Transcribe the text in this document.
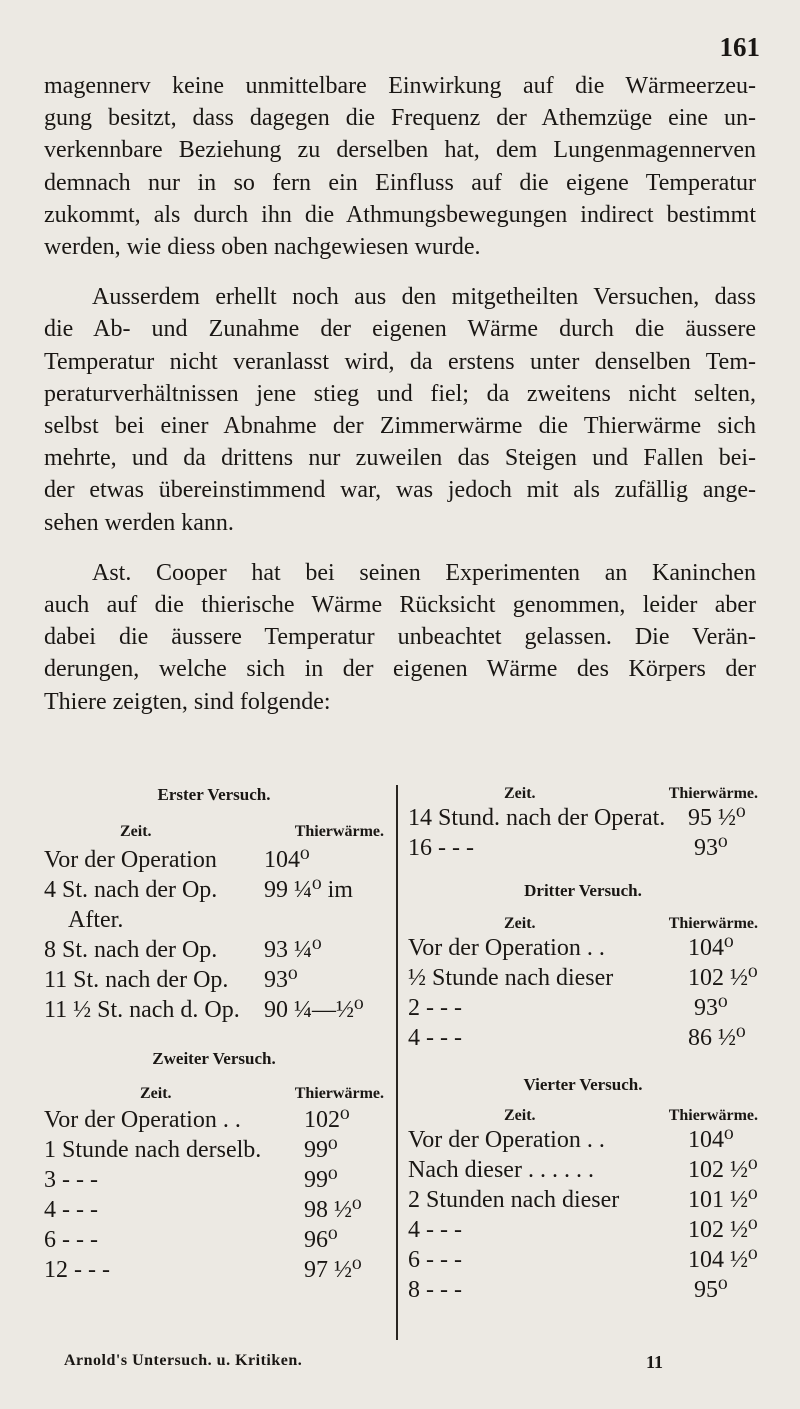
161

magennerv keine unmittelbare Einwirkung auf die Wärmeerzeu-
gung besitzt, dass dagegen die Frequenz der Athemzüge eine un-
verkennbare Beziehung zu derselben hat, dem Lungenmagennerven
demnach nur in so fern ein Einfluss auf die eigene Temperatur
zukommt, als durch ihn die Athmungsbewegungen indirect bestimmt
werden, wie diess oben nachgewiesen wurde.

Ausserdem erhellt noch aus den mitgetheilten Versuchen, dass
die Ab- und Zunahme der eigenen Wärme durch die äussere
Temperatur nicht veranlasst wird, da erstens unter denselben Tem-
peraturverhältnissen jene stieg und fiel; da zweitens nicht selten,
selbst bei einer Abnahme der Zimmerwärme die Thierwärme sich
mehrte, und da drittens nur zuweilen das Steigen und Fallen bei-
der etwas übereinstimmend war, was jedoch mit als zufällig ange-
sehen werden kann.

Ast. Cooper hat bei seinen Experimenten an Kaninchen
auch auf die thierische Wärme Rücksicht genommen, leider aber
dabei die äussere Temperatur unbeachtet gelassen. Die Verän-
derungen, welche sich in der eigenen Wärme des Körpers der
Thiere zeigten, sind folgende:

Erster Versuch.

Zeit.	Thierwärme.
Vor der Operation 104⁰
4 St. nach der Op. 99 ¼⁰ im
After.
8 St. nach der Op. 93 ¼⁰
11 St. nach der Op. 93⁰
11 ½ St. nach d. Op. 90 ¼—½⁰

Zweiter Versuch.

Zeit.	Thierwärme.
Vor der Operation . .	102⁰
1 Stunde nach derselb. 99⁰
3 - - -	99⁰
4 - - -	98 ½⁰
6 - - -	96⁰
12 - - -	97 ½⁰
Zeit.	Thierwärme.
14 Stund. nach der Operat. 95 ½⁰
16 - - -	93⁰

Dritter Versuch.

Zeit.	Thierwärme.
Vor der Operation . .	104⁰
½ Stunde nach dieser	102 ½⁰
2 - - -	93⁰
4 - - -	86 ½⁰

Vierter Versuch.

Zeit.	Thierwärme.
Vor der Operation . .	104⁰
Nach dieser . . . . . .	102 ½⁰
2 Stunden nach dieser	101 ½⁰
4 - - -	102 ½⁰
6 - - -	104 ½⁰
8 - - -	95⁰
Arnold's Untersuch. u. Kritiken.	11
